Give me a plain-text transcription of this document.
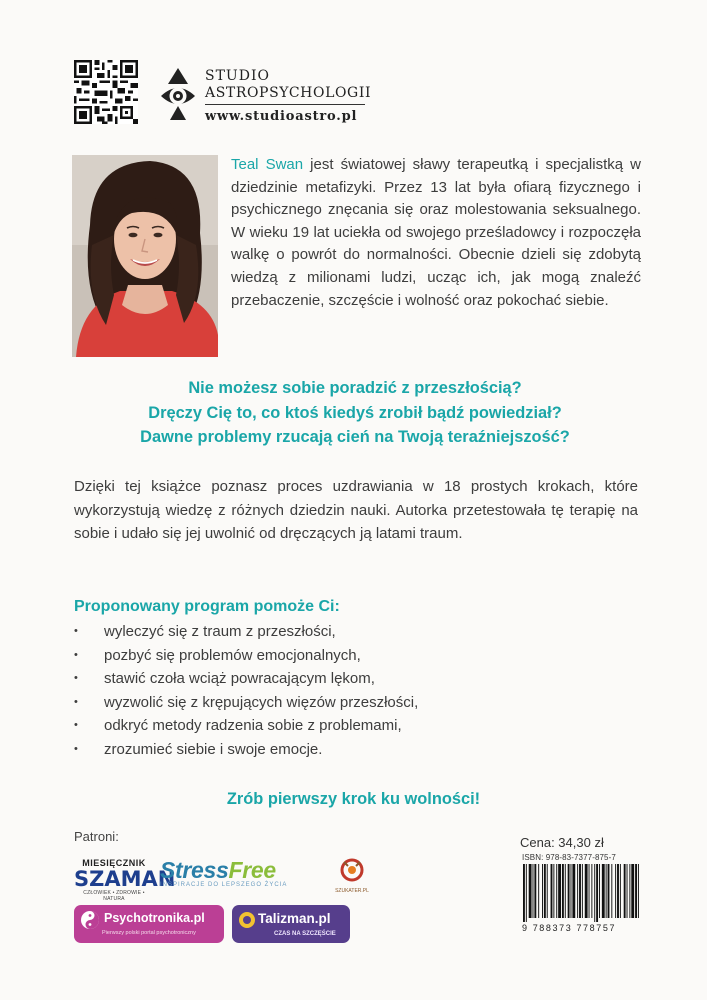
STUDIO
ASTROPSYCHOLOGII
www.studioastro.pl
Teal Swan jest światowej sławy terapeutką i specjalistką w dziedzinie metafizyki. Przez 13 lat była ofiarą fizycznego i psychicznego znęcania się oraz molestowania seksualnego. W wieku 19 lat uciekła od swojego prześladowcy i rozpoczęła walkę o powrót do normalności. Obecnie dzieli się zdobytą wiedzą z milionami ludzi, ucząc ich, jak mogą znaleźć przebaczenie, szczęście i wolność oraz pokochać siebie.
Nie możesz sobie poradzić z przeszłością?
Dręczy Cię to, co ktoś kiedyś zrobił bądź powiedział?
Dawne problemy rzucają cień na Twoją teraźniejszość?
Dzięki tej książce poznasz proces uzdrawiania w 18 prostych krokach, które wykorzystują wiedzę z różnych dziedzin nauki. Autorka przetestowała tę terapię na sobie i udało się jej uwolnić od dręczących ją latami traum.
Proponowany program pomoże Ci:
• wyleczyć się z traum z przeszłości,
• pozbyć się problemów emocjonalnych,
• stawić czoła wciąż powracającym lękom,
• wyzwolić się z krępujących więzów przeszłości,
• odkryć metody radzenia sobie z problemami,
• zrozumieć siebie i swoje emocje.
Zrób pierwszy krok ku wolności!
Patroni:	Cena: 34,30 zł
ISBN: 978-83-7377-875-7
9 788373 778757
MIESIĘCZNIK
SZAMAN
CZŁOWIEK • ZDROWIE • NATURA
StressFree
INSPIRACJE DO LEPSZEGO ŻYCIA
SZUKATER.PL
Psychotronika.pl
Pierwszy polski portal psychotroniczny
Talizman.pl
CZAS NA SZCZĘŚCIE
